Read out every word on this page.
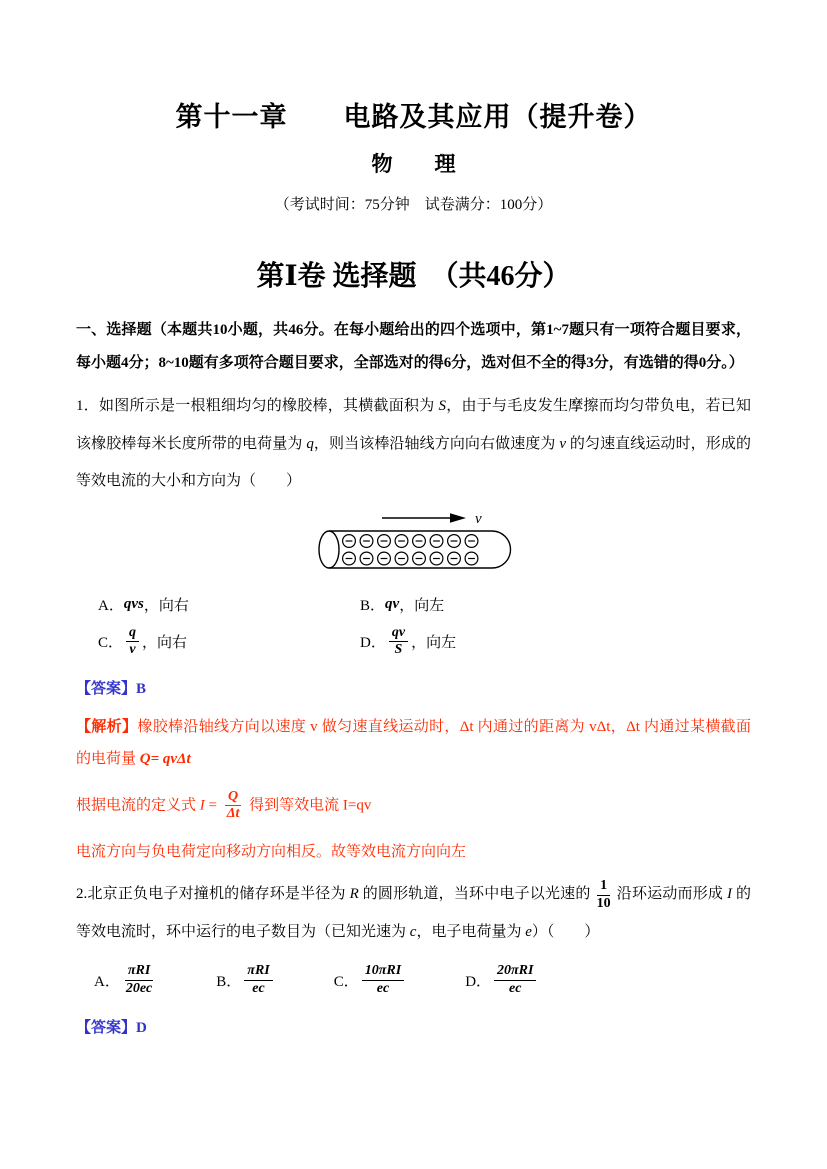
第十一章　　电路及其应用（提升卷）
物　　理

（考试时间：75分钟　试卷满分：100分）

第Ⅰ卷 选择题　（共46分）

一、选择题（本题共10小题，共46分。在每小题给出的四个选项中，第1~7题只有一项符合题目要求，每小题4分；8~10题有多项符合题目要求，全部选对的得6分，选对但不全的得3分，有选错的得0分。）

1．如图所示是一根粗细均匀的橡胶棒，其横截面积为 S，由于与毛皮发生摩擦而均匀带负电，若已知该橡胶棒每米长度所带的电荷量为 q，则当该棒沿轴线方向向右做速度为 v 的匀速直线运动时，形成的等效电流的大小和方向为（　　）

v
A． qvs ，向右	B． qv ，向左
C． $\frac{q}{v}$ ，向右	D． $\frac{qv}{S}$ ，向左

【答案】B

【解析】橡胶棒沿轴线方向以速度 v 做匀速直线运动时，Δt 内通过的距离为 vΔt，Δt 内通过某横截面的电荷量 Q= qvΔt

根据电流的定义式 $I = \frac{Q}{\Delta t}$ 得到等效电流 I=qv

电流方向与负电荷定向移动方向相反。故等效电流方向向左

2.北京正负电子对撞机的储存环是半径为 R 的圆形轨道，当环中电子以光速的 $\frac{1}{10}$ 沿环运动而形成 I 的等效电流时，环中运行的电子数目为（已知光速为 c，电子电荷量为 e）（　　）

A． $\frac{\text{πRI}}{20ec}$	B． $\frac{\text{πRI}}{ec}$	C． $\frac{\text{10πRI}}{ec}$	D． $\frac{\text{20πRI}}{ec}$

【答案】D
